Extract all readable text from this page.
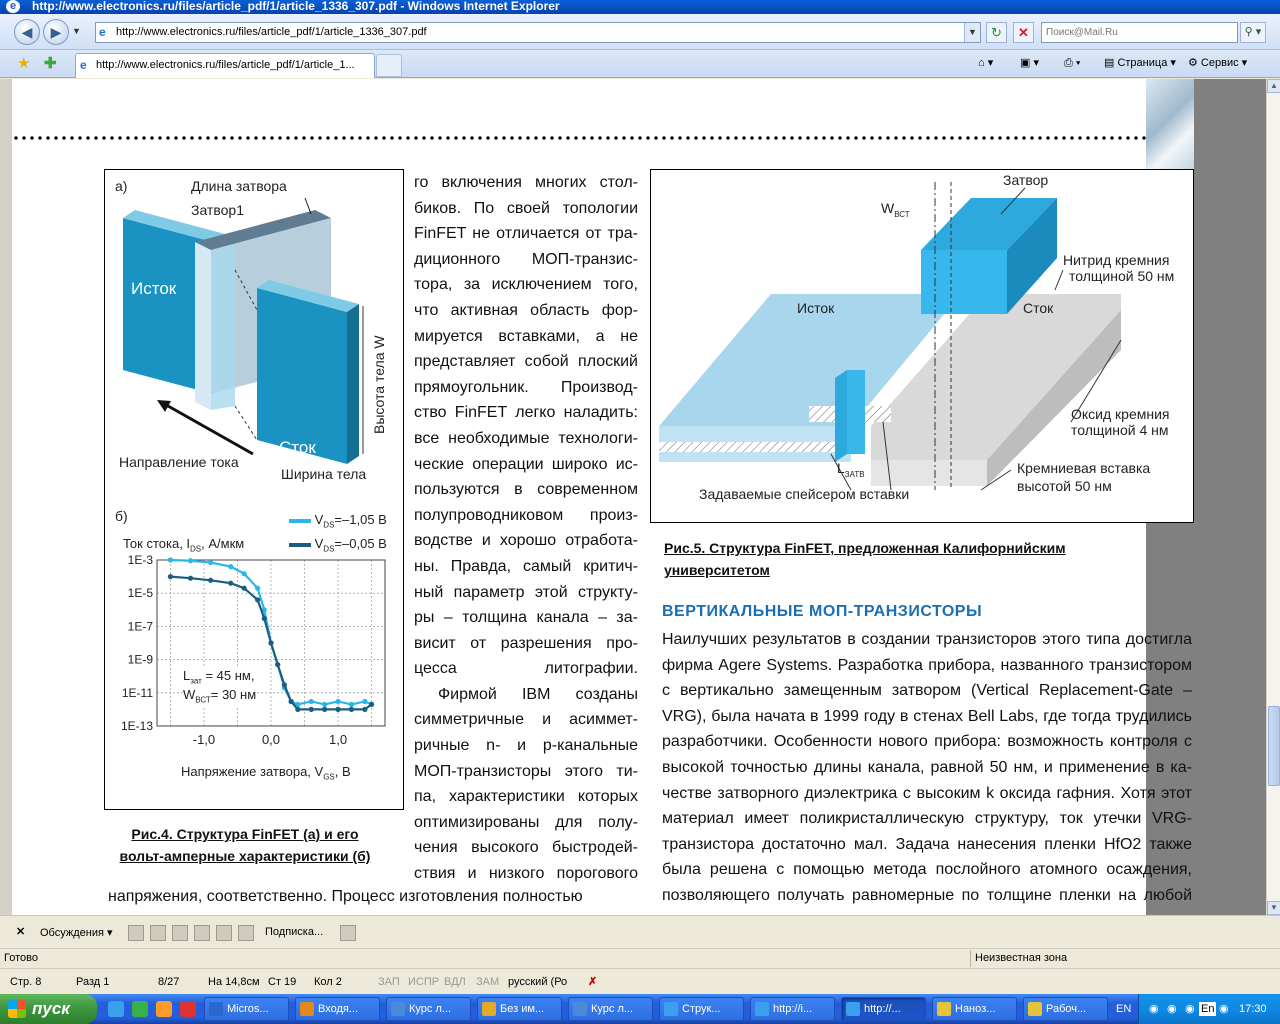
e	http://www.electronics.ru/files/article_pdf/1/article_1336_307.pdf - Windows Internet Explorer
◀	▶	▼ e http://www.electronics.ru/files/article_pdf/1/article_1336_307.pdf	▼	↻	✕	Поиск@Mail.Ru	⚲ ▾
★ ✚ e http://www.electronics.ru/files/article_pdf/1/article_1...	⌂ ▾ ▣ ▾ ⎙ ▾ ▤ Страница ▾ ⚙ Сервис ▾
а)	Длина затвора
Затвор1
Исток
Сток
Высота тела W
Направление тока
Ширина тела
б)	$V_{DS}=-1,05$ В
$V_{DS}=-0,05$ В
Ток стока, $I_{DS}$, А/мкм
1E-3
1E-5
1E-7
1E-9
1E-11
1E-13
-1,0	0,0	1,0
Напряжение затвора, $V_{GS}$, В
$L_{зат} = 45$ нм,
$W_{ВСТ}= 30$ нм
Рис.4. Структура FinFET (а) и его вольт-амперные характеристики (б)

го включения многих стол-

биков. По своей топологии

FinFET не отличается от тра-

диционного МОП-транзис-

тора, за исключением того,

что активная область фор-

мируется вставками, а не

представляет собой плоский

прямоугольник. Производ-

ство FinFET легко наладить:

все необходимые технологи-

ческие операции широко ис-

пользуются в современном

полупроводниковом произ-

водстве и хорошо отработа-

ны. Правда, самый критич-

ный параметр этой структу-

ры – толщина канала – за-

висит от разрешения про-

цесса литографии.

Фирмой IBM созданы

симметричные и асиммет-

ричные n- и p-канальные

МОП-транзисторы этого ти-

па, характеристики которых

оптимизированы для полу-

чения высокого быстродей-

ствия и низкого порогового

напряжения, соответственно. Процесс изготовления полностью
Затвор
$W_{ВСТ}$
Нитрид кремния
толщиной 50 нм
Исток	Сток
Оксид кремния
толщиной 4 нм
Кремниевая вставка
высотой 50 нм
$L_{ЗАТВ}$
Задаваемые спейсером вставки
Рис.5. Структура FinFET, предложенная Калифорнийским университетом
ВЕРТИКАЛЬНЫЕ МОП-ТРАНЗИСТОРЫ

Наилучших результатов в создании транзисторов этого типа достигла

фирма Agere Systems. Разработка прибора, названного транзистором

с вертикально замещенным затвором (Vertical Replacement-Gate –

VRG), была начата в 1999 году в стенах Bell Labs, где тогда трудились

разработчики. Особенности нового прибора: возможность контроля с

высокой точностью длины канала, равной 50 нм, и применение в ка-

честве затворного диэлектрика с высоким k оксида гафния. Хотя этот

материал имеет поликристаллическую структуру, ток утечки VRG-

транзистора достаточно мал. Задача нанесения пленки HfO2 также

была решена с помощью метода послойного атомного осаждения,

позволяющего получать равномерные по толщине пленки на любой

▲
▼
✕ Обсуждения ▾	Подписка...
Готово	Неизвестная зона
Стр. 8	Разд 1	8/27	На 14,8см Ст 19 Кол 2	ЗАП ИСПР ВДЛ ЗАМ русский (Ро ✗
пуск	Micros...	Входя...	Курс л...	Без им...	Курс л...	Струк...	http://i...	http://...	Нанoз...	Рабоч...	EN ◉ ◉ ◉ En ◉ 17:30
